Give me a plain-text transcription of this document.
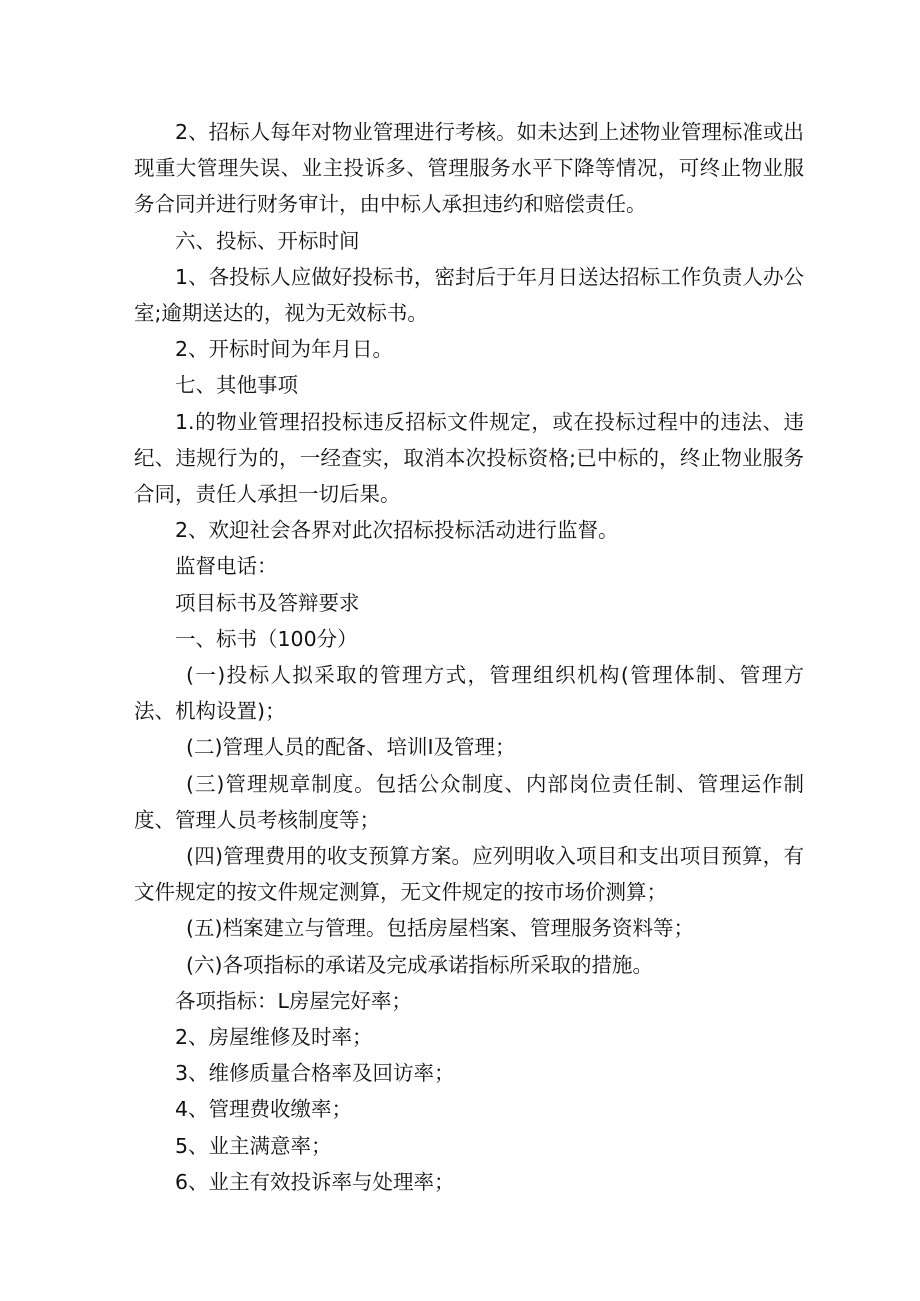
2、招标人每年对物业管理进行考核。如未达到上述物业管理标准或出现重大管理失误、业主投诉多、管理服务水平下降等情况，可终止物业服务合同并进行财务审计，由中标人承担违约和赔偿责任。

六、投标、开标时间

1、各投标人应做好投标书，密封后于年月日送达招标工作负责人办公室;逾期送达的，视为无效标书。

2、开标时间为年月日。

七、其他事项

1.的物业管理招投标违反招标文件规定，或在投标过程中的违法、违纪、违规行为的，一经查实，取消本次投标资格;已中标的，终止物业服务合同，责任人承担一切后果。

2、欢迎社会各界对此次招标投标活动进行监督。

监督电话：

项目标书及答辩要求

一、标书（100分）

(一)投标人拟采取的管理方式，管理组织机构(管理体制、管理方法、机构设置)；

(二)管理人员的配备、培训I及管理；

(三)管理规章制度。包括公众制度、内部岗位责任制、管理运作制度、管理人员考核制度等；

(四)管理费用的收支预算方案。应列明收入项目和支出项目预算，有文件规定的按文件规定测算，无文件规定的按市场价测算；

(五)档案建立与管理。包括房屋档案、管理服务资料等；

(六)各项指标的承诺及完成承诺指标所采取的措施。

各项指标：L房屋完好率；

2、房屋维修及时率；

3、维修质量合格率及回访率；

4、管理费收缴率；

5、业主满意率；

6、业主有效投诉率与处理率；
